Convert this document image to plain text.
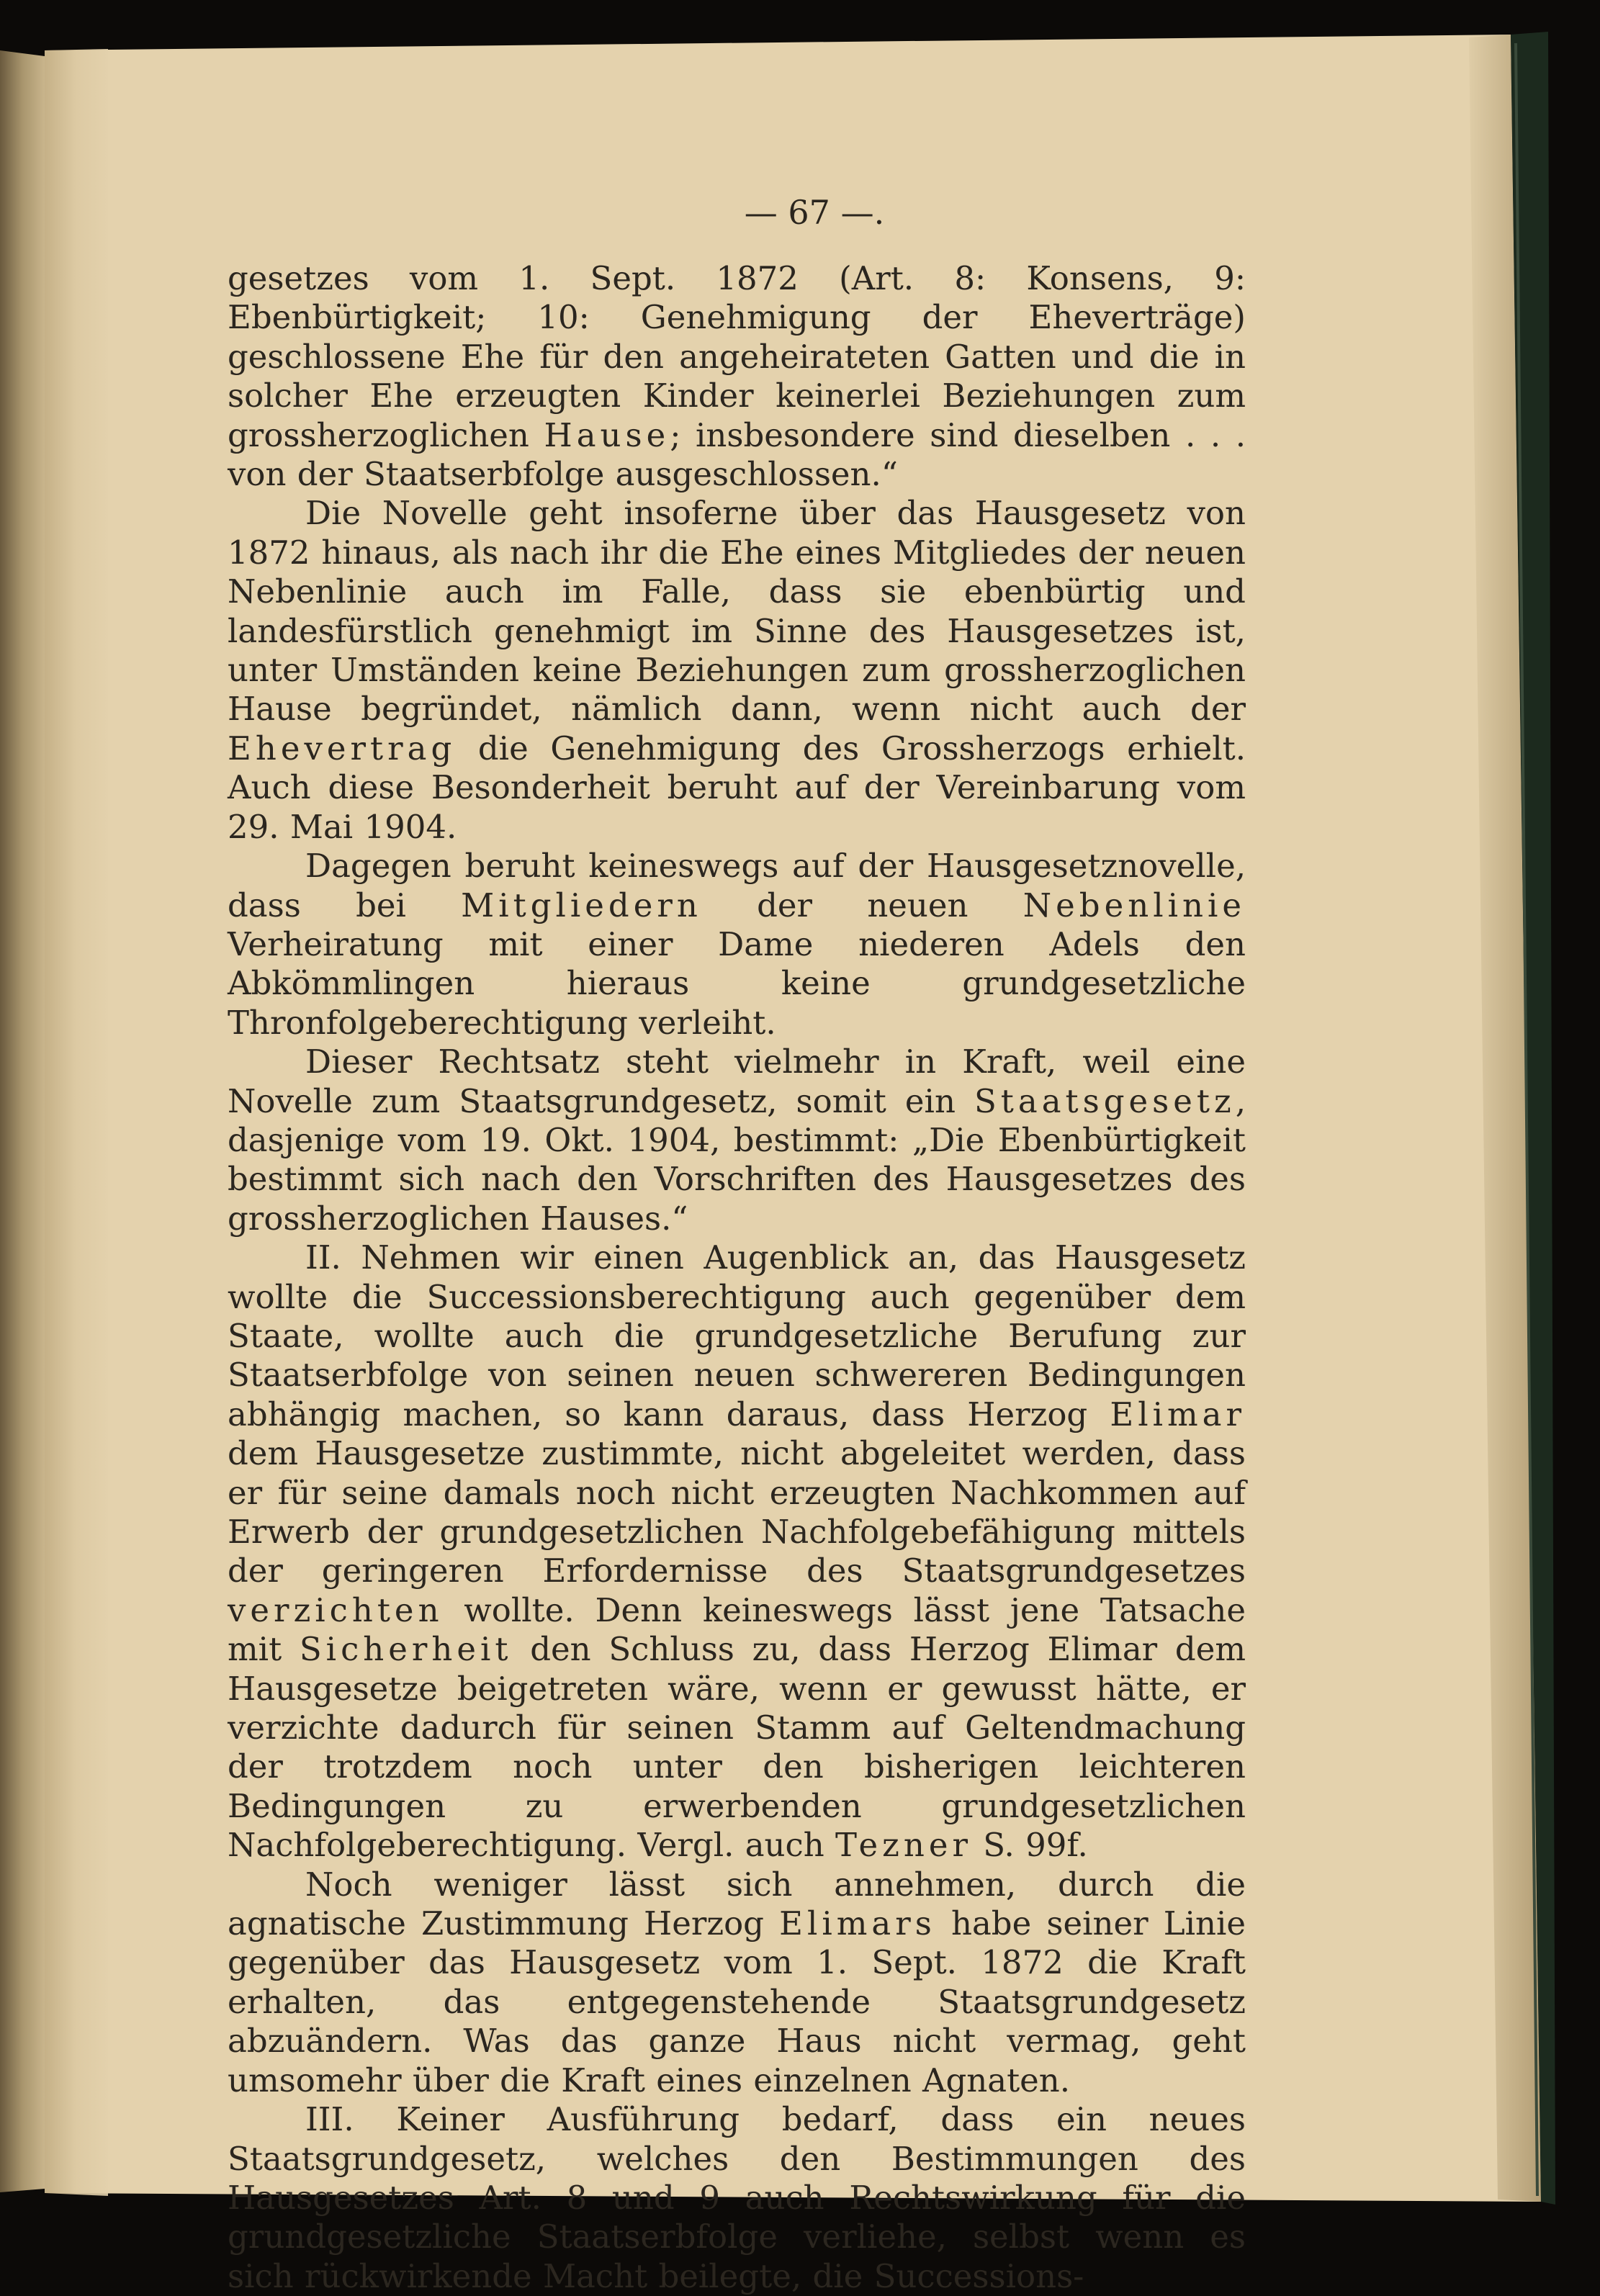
— 67 —.

gesetzes vom 1. Sept. 1872 (Art. 8: Konsens, 9: Ebenbürtigkeit; 10: Genehmigung der Eheverträge) geschlossene Ehe für den angeheirateten Gatten und die in solcher Ehe erzeugten Kinder keinerlei Beziehungen zum grossherzoglichen Hause; insbesondere sind dieselben . . . von der Staatserbfolge ausgeschlossen.“

Die Novelle geht insoferne über das Hausgesetz von 1872 hinaus, als nach ihr die Ehe eines Mitgliedes der neuen Nebenlinie auch im Falle, dass sie ebenbürtig und landesfürstlich genehmigt im Sinne des Hausgesetzes ist, unter Umständen keine Beziehungen zum grossherzoglichen Hause begründet, nämlich dann, wenn nicht auch der Ehevertrag die Genehmigung des Grossherzogs erhielt. Auch diese Besonderheit beruht auf der Vereinbarung vom 29. Mai 1904.

Dagegen beruht keineswegs auf der Hausgesetznovelle, dass bei Mitgliedern der neuen Nebenlinie Verheiratung mit einer Dame niederen Adels den Abkömmlingen hieraus keine grundgesetzliche Thronfolgeberechtigung verleiht.

Dieser Rechtsatz steht vielmehr in Kraft, weil eine Novelle zum Staatsgrundgesetz, somit ein Staatsgesetz, dasjenige vom 19. Okt. 1904, bestimmt: „Die Ebenbürtigkeit bestimmt sich nach den Vorschriften des Hausgesetzes des grossherzoglichen Hauses.“

II. Nehmen wir einen Augenblick an, das Hausgesetz wollte die Successionsberechtigung auch gegenüber dem Staate, wollte auch die grundgesetzliche Berufung zur Staatserbfolge von seinen neuen schwereren Bedingungen abhängig machen, so kann daraus, dass Herzog Elimar dem Hausgesetze zustimmte, nicht abgeleitet werden, dass er für seine damals noch nicht erzeugten Nachkommen auf Erwerb der grundgesetzlichen Nachfolgebefähigung mittels der geringeren Erfordernisse des Staatsgrundgesetzes verzichten wollte. Denn keineswegs lässt jene Tatsache mit Sicherheit den Schluss zu, dass Herzog Elimar dem Hausgesetze beigetreten wäre, wenn er gewusst hätte, er verzichte dadurch für seinen Stamm auf Geltendmachung der trotzdem noch unter den bisherigen leichteren Bedingungen zu erwerbenden grundgesetzlichen Nachfolgeberechtigung. Vergl. auch Tezner S. 99f.

Noch weniger lässt sich annehmen, durch die agnatische Zustimmung Herzog Elimars habe seiner Linie gegenüber das Hausgesetz vom 1. Sept. 1872 die Kraft erhalten, das entgegenstehende Staatsgrundgesetz abzuändern. Was das ganze Haus nicht vermag, geht umsomehr über die Kraft eines einzelnen Agnaten.

III. Keiner Ausführung bedarf, dass ein neues Staatsgrundgesetz, welches den Bestimmungen des Hausgesetzes Art. 8 und 9 auch Rechtswirkung für die grundgesetzliche Staatserbfolge verliehe, selbst wenn es sich rückwirkende Macht beilegte, die Successions-
